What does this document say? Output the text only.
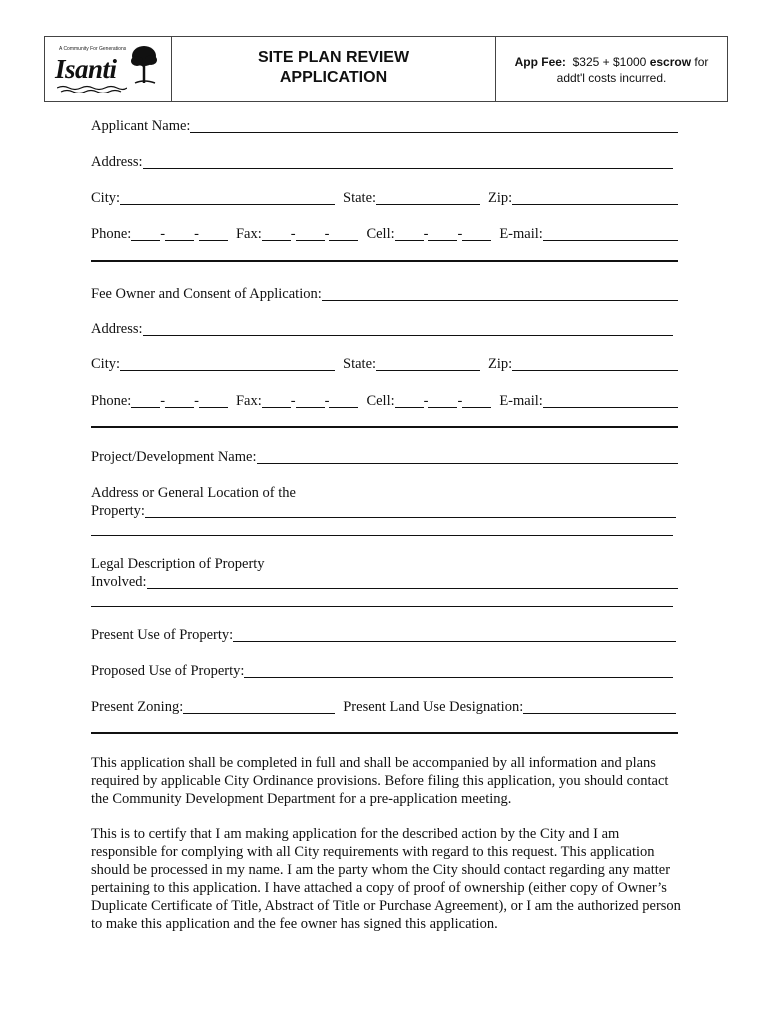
A Community For Generations
Isanti	SITE PLAN REVIEW
APPLICATION
App Fee: $325 + $1000 escrow for
addt'l costs incurred.
Applicant Name:
Address:
City:	State:	Zip:
Phone: - -	Fax: - -	Cell: - -	E-mail:
Fee Owner and Consent of Application:
Address:
City:	State:	Zip:
Phone: - -	Fax: - -	Cell: - -	E-mail:
Project/Development Name:
Address or General Location of the
Property:
Legal Description of Property
Involved:
Present Use of Property:
Proposed Use of Property:
Present Zoning:	Present Land Use Designation:
This application shall be completed in full and shall be accompanied by all information and plans required by applicable City Ordinance provisions. Before filing this application, you should contact the Community Development Department for a pre-application meeting.
This is to certify that I am making application for the described action by the City and I am responsible for complying with all City requirements with regard to this request. This application should be processed in my name. I am the party whom the City should contact regarding any matter pertaining to this application. I have attached a copy of proof of ownership (either copy of Owner’s Duplicate Certificate of Title, Abstract of Title or Purchase Agreement), or I am the authorized person to make this application and the fee owner has signed this application.
